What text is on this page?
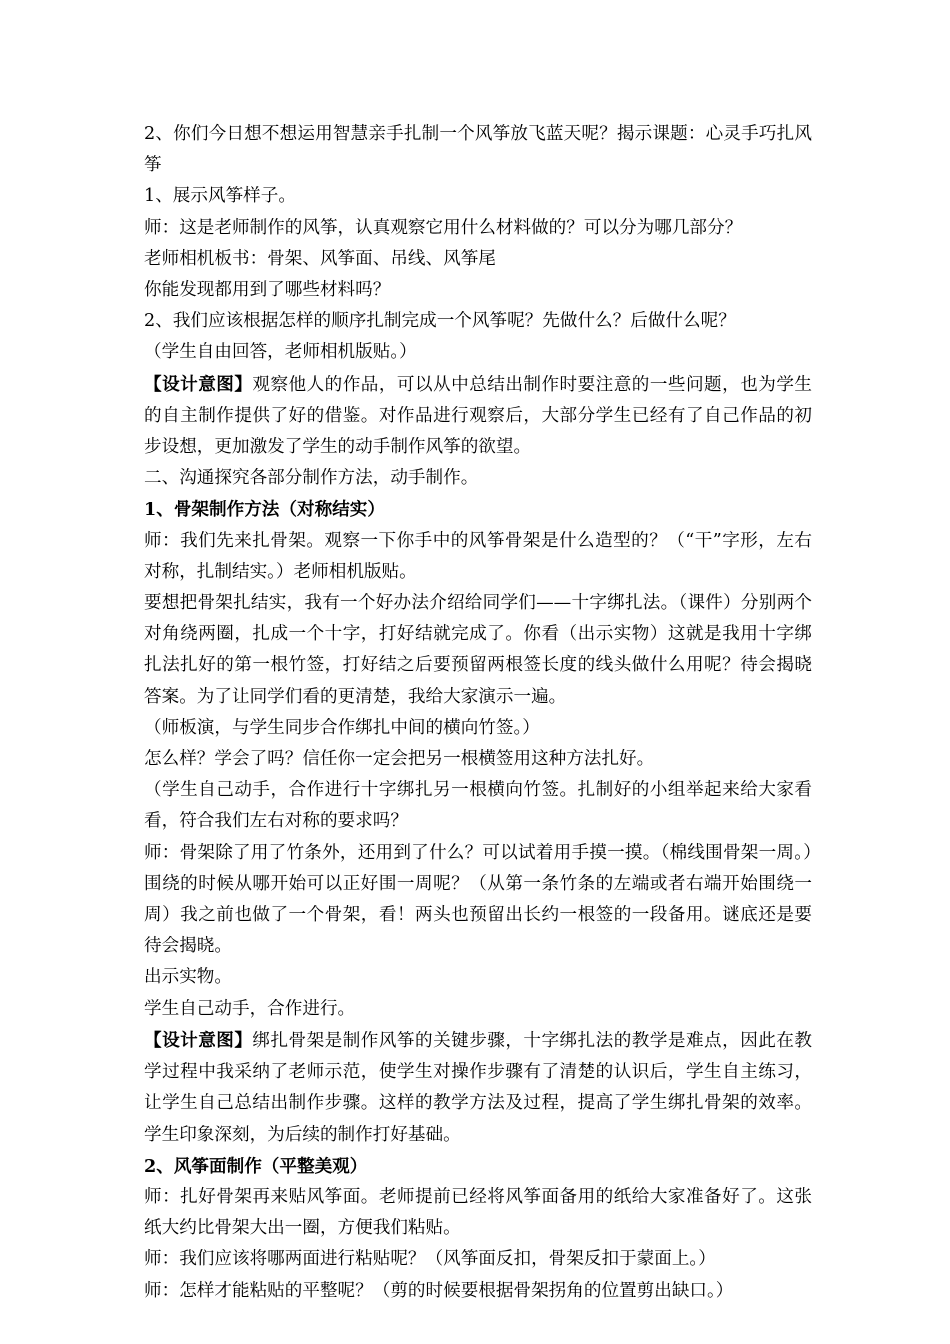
2、你们今日想不想运用智慧亲手扎制一个风筝放飞蓝天呢？揭示课题：心灵手巧扎风筝

1、展示风筝样子。

师：这是老师制作的风筝，认真观察它用什么材料做的？可以分为哪几部分？

老师相机板书：骨架、风筝面、吊线、风筝尾

你能发现都用到了哪些材料吗？

2、我们应该根据怎样的顺序扎制完成一个风筝呢？先做什么？后做什么呢？

（学生自由回答，老师相机版贴。）

【设计意图】观察他人的作品，可以从中总结出制作时要注意的一些问题，也为学生的自主制作提供了好的借鉴。对作品进行观察后，大部分学生已经有了自己作品的初步设想，更加激发了学生的动手制作风筝的欲望。

二、沟通探究各部分制作方法，动手制作。

1、骨架制作方法（对称结实）

师：我们先来扎骨架。观察一下你手中的风筝骨架是什么造型的？（“干”字形，左右对称，扎制结实。）老师相机版贴。

要想把骨架扎结实，我有一个好办法介绍给同学们——十字绑扎法。（课件）分别两个对角绕两圈，扎成一个十字，打好结就完成了。你看（出示实物）这就是我用十字绑扎法扎好的第一根竹签，打好结之后要预留两根签长度的线头做什么用呢？待会揭晓答案。为了让同学们看的更清楚，我给大家演示一遍。

（师板演，与学生同步合作绑扎中间的横向竹签。）

怎么样？学会了吗？信任你一定会把另一根横签用这种方法扎好。

（学生自己动手，合作进行十字绑扎另一根横向竹签。扎制好的小组举起来给大家看看，符合我们左右对称的要求吗？

师：骨架除了用了竹条外，还用到了什么？可以试着用手摸一摸。（棉线围骨架一周。）围绕的时候从哪开始可以正好围一周呢？（从第一条竹条的左端或者右端开始围绕一周）我之前也做了一个骨架，看！两头也预留出长约一根签的一段备用。谜底还是要待会揭晓。

出示实物。

学生自己动手，合作进行。

【设计意图】绑扎骨架是制作风筝的关键步骤，十字绑扎法的教学是难点，因此在教学过程中我采纳了老师示范，使学生对操作步骤有了清楚的认识后，学生自主练习，让学生自己总结出制作步骤。这样的教学方法及过程，提高了学生绑扎骨架的效率。学生印象深刻，为后续的制作打好基础。

2、风筝面制作（平整美观）

师：扎好骨架再来贴风筝面。老师提前已经将风筝面备用的纸给大家准备好了。这张纸大约比骨架大出一圈，方便我们粘贴。

师：我们应该将哪两面进行粘贴呢？（风筝面反扣，骨架反扣于蒙面上。）

师：怎样才能粘贴的平整呢？（剪的时候要根据骨架拐角的位置剪出缺口。）
